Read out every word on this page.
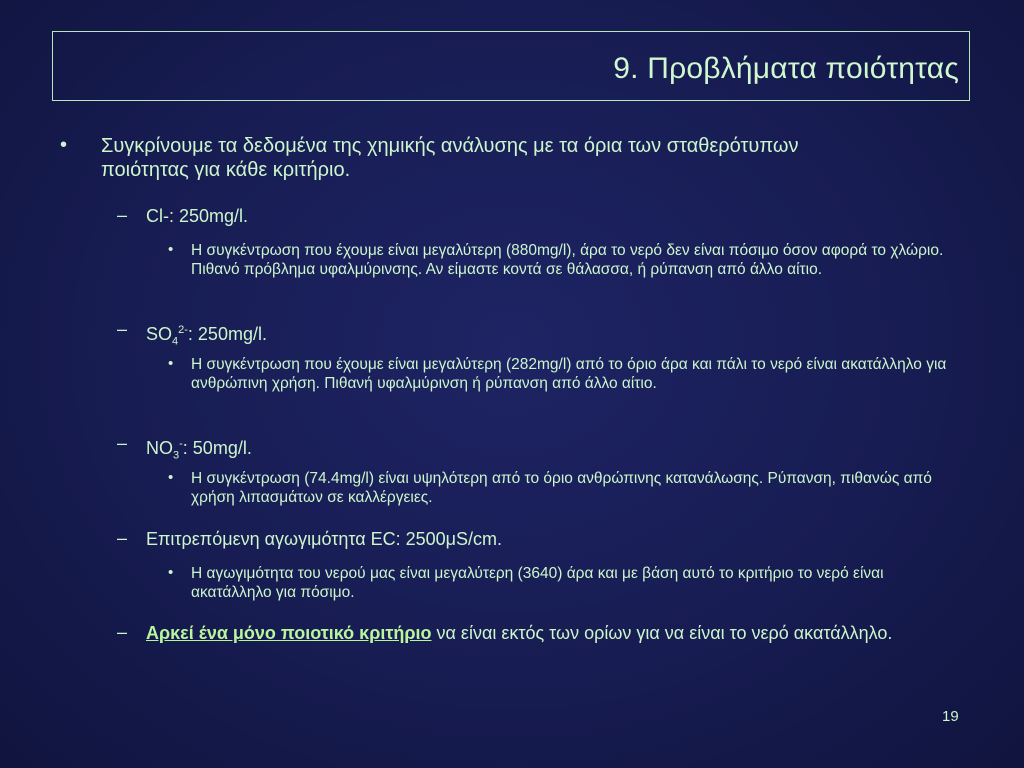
9. Προβλήματα ποιότητας
• Συγκρίνουμε τα δεδομένα της χημικής ανάλυσης με τα όρια των σταθερότυπων ποιότητας για κάθε κριτήριο.
– Cl-: 250mg/l.
• Η συγκέντρωση που έχουμε είναι μεγαλύτερη (880mg/l), άρα το νερό δεν είναι πόσιμο όσον αφορά το χλώριο. Πιθανό πρόβλημα υφαλμύρινσης. Αν είμαστε κοντά σε θάλασσα, ή ρύπανση από άλλο αίτιο.
– $SO_4^{2-}$: 250mg/l.
• Η συγκέντρωση που έχουμε είναι μεγαλύτερη (282mg/l) από το όριο άρα και πάλι το νερό είναι ακατάλληλο για ανθρώπινη χρήση. Πιθανή υφαλμύρινση ή ρύπανση από άλλο αίτιο.
– $NO_3^-$: 50mg/l.
• Η συγκέντρωση (74.4mg/l) είναι υψηλότερη από το όριο ανθρώπινης κατανάλωσης. Ρύπανση, πιθανώς από χρήση λιπασμάτων σε καλλέργειες.
– Επιτρεπόμενη αγωγιμότητα EC: 2500μS/cm.
• Η αγωγιμότητα του νερού μας είναι μεγαλύτερη (3640) άρα και με βάση αυτό το κριτήριο το νερό είναι ακατάλληλο για πόσιμο.
– Αρκεί ένα μόνο ποιοτικό κριτήριο να είναι εκτός των ορίων για να είναι το νερό ακατάλληλο.
19
